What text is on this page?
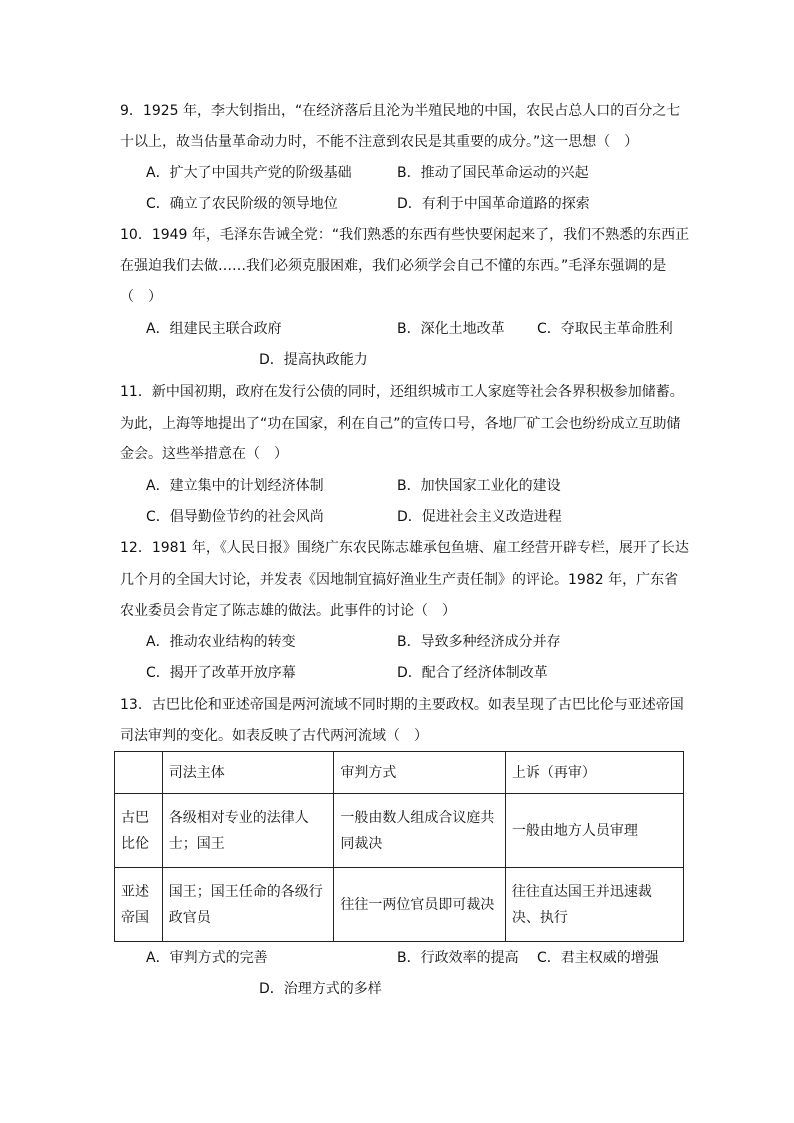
9．1925 年，李大钊指出，“在经济落后且沦为半殖民地的中国，农民占总人口的百分之七
十以上，故当估量革命动力时，不能不注意到农民是其重要的成分。”这一思想（　）
A．扩大了中国共产党的阶级基础	B．推动了国民革命运动的兴起
C．确立了农民阶级的领导地位	D．有利于中国革命道路的探索
10．1949 年，毛泽东告诫全党：“我们熟悉的东西有些快要闲起来了，我们不熟悉的东西正
在强迫我们去做……我们必须克服困难，我们必须学会自己不懂的东西。”毛泽东强调的是
（　）
A．组建民主联合政府	B．深化土地改革 C．夺取民主革命胜利
D．提高执政能力
11．新中国初期，政府在发行公债的同时，还组织城市工人家庭等社会各界积极参加储蓄。
为此，上海等地提出了“功在国家，利在自己”的宣传口号，各地厂矿工会也纷纷成立互助储
金会。这些举措意在（　）
A．建立集中的计划经济体制	B．加快国家工业化的建设
C．倡导勤俭节约的社会风尚	D．促进社会主义改造进程
12．1981 年，《人民日报》围绕广东农民陈志雄承包鱼塘、雇工经营开辟专栏，展开了长达
几个月的全国大讨论，并发表《因地制宜搞好渔业生产责任制》的评论。1982 年，广东省
农业委员会肯定了陈志雄的做法。此事件的讨论（　）
A．推动农业结构的转变	B．导致多种经济成分并存
C．揭开了改革开放序幕	D．配合了经济体制改革
13．古巴比伦和亚述帝国是两河流域不同时期的主要政权。如表呈现了古巴比伦与亚述帝国
司法审判的变化。如表反映了古代两河流域（　）
	司法主体	审判方式	上诉（再审）
古巴比伦	各级相对专业的法律人士；国王	一般由数人组成合议庭共同裁决	一般由地方人员审理
亚述帝国	国王；国王任命的各级行政官员	往往一两位官员即可裁决	往往直达国王并迅速裁决、执行
A．审判方式的完善	B．行政效率的提高 C．君主权威的增强
D．治理方式的多样
